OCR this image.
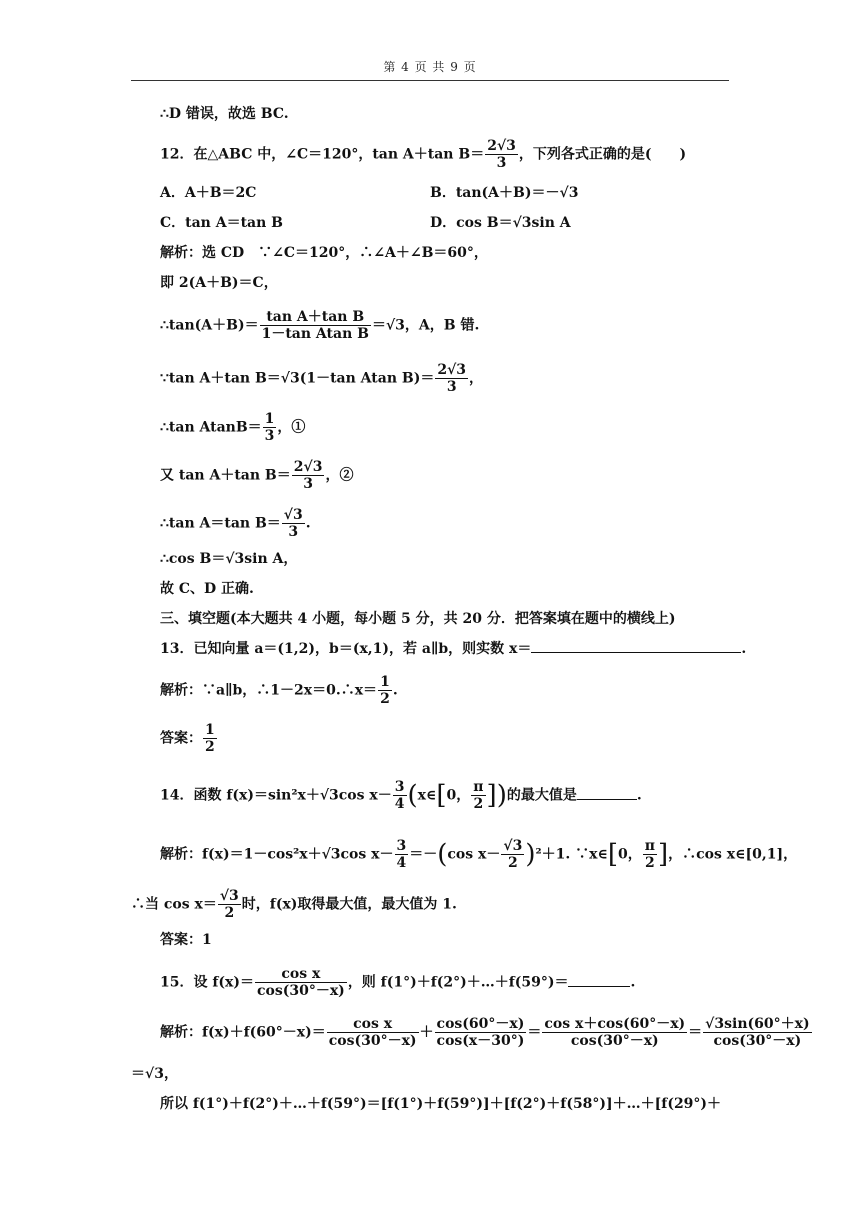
第 4 页 共 9 页
∴D 错误，故选 BC.
12．在△ABC 中，∠C＝120°，tan A＋tan $B= \frac{2√3}{3}$ ，下列各式正确的是(　　)
A．A＋B＝2C	B．tan(A＋B)＝－√3
C．tan A＝tan B	D．cos B＝√3sin A
解析：选 CD　∵∠C＝120°，∴∠A＋∠B＝60°，
即 2(A＋B)＝C，
∴tan(A＋B)＝ $\frac{\text{tan A＋tan B}}{\text{1－tan Atan B}} =√3$，A，B 错.
∵tan A＋tan B＝√3(1－tan Atan $B)= \frac{2√3}{3}$ ，
∴tan $AtanB= \frac{1}{3}$ ，①
又 tan A＋tan $B= \frac{2√3}{3}$ ，②
∴tan A＝tan $B= \frac{√3}{3}$ .
∴cos B＝√3sin A，
故 C、D 正确.
三、填空题(本大题共 4 小题，每小题 5 分，共 20 分．把答案填在题中的横线上)
13．已知向量 a＝(1,2)，b＝(x,1)，若 a∥b，则实数 x＝	.
解析：∵a∥b，∴1－2x＝0.∴x＝ $\frac{1}{2}$ .
答案： $\frac{1}{2}$
14．函数 f(x)＝sin²x＋√3cos $x- \frac{3}{4}$ (x∈[0， $\frac{\pi}{2}$ ])的最大值是	.
解析：f(x)＝1－cos²x＋√3cos $x- \frac{3}{4} =-(\cos$ $x- \frac{√3}{2} )^2+1$. ∵x∈[0， $\frac{\pi}{2}$ ]，∴cos x∈[0,1]，
∴当 $\cos x= \frac{√3}{2}$ 时，f(x)取得最大值，最大值为 1.
答案：1
15．设 $f(x)= \frac{\text{cos x}}{\cos(30^\circ-x)}$ ，则 f(1°)＋f(2°)＋…＋f(59°)＝	.
解析：$f(x)+f(60^\circ-x)= \frac{\text{cos x}}{\cos(30^\circ-x)} + \frac{\cos(60^\circ-x)}{\cos(x-30^\circ)} = \frac{\text{cos x＋cos(60°－x)}}{\cos(30^\circ-x)} = \frac{√3\sin(60^\circ+x)}{\cos(30^\circ-x)}$
＝√3，
所以 f(1°)＋f(2°)＋…＋f(59°)＝[f(1°)＋f(59°)]＋[f(2°)＋f(58°)]＋…＋[f(29°)＋
